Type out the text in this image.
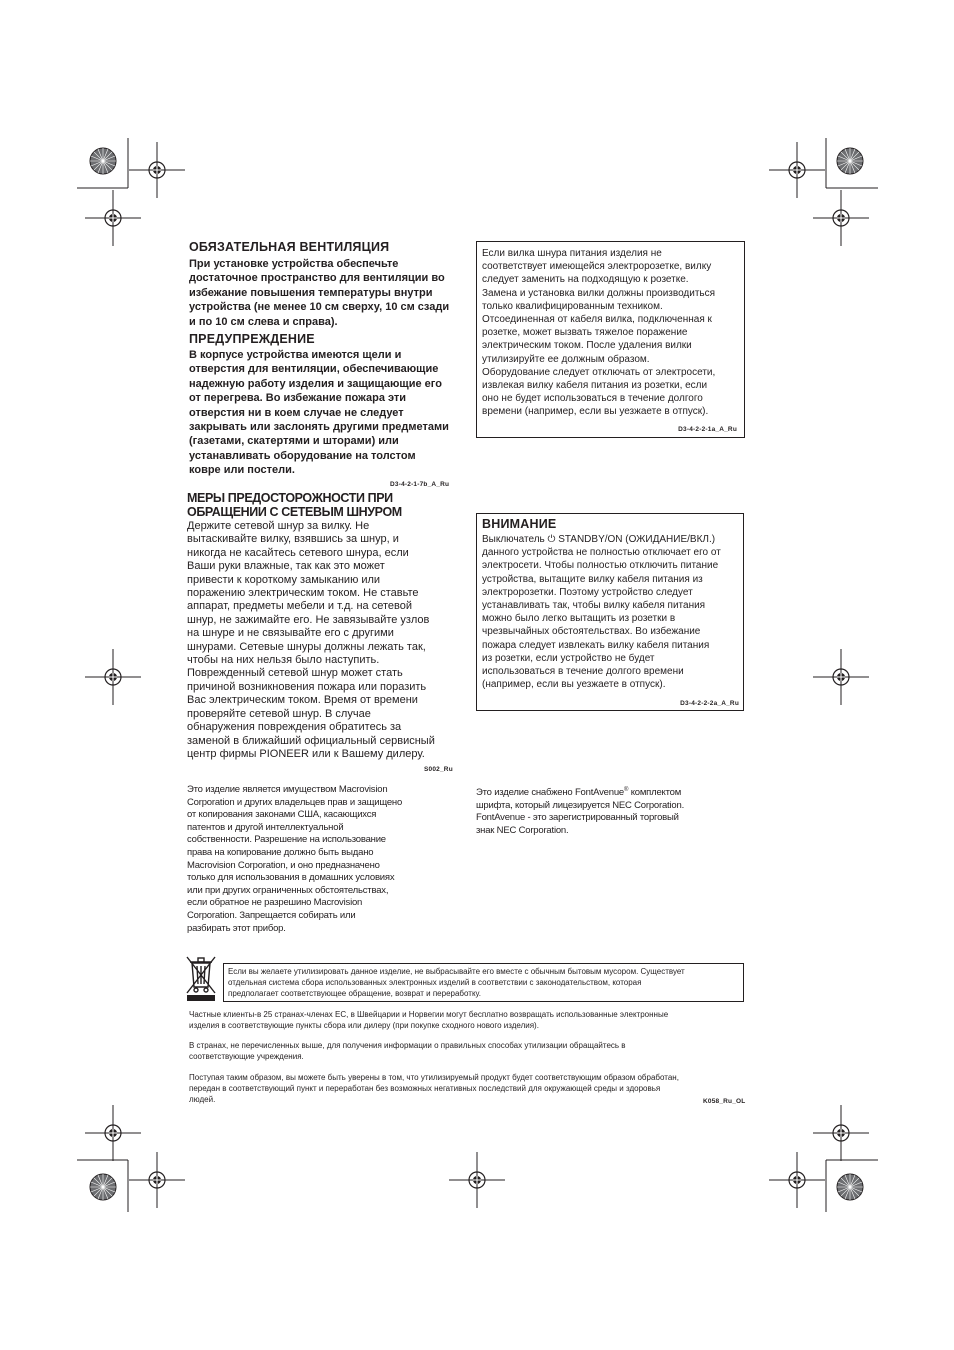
ОБЯЗАТЕЛЬНАЯ ВЕНТИЛЯЦИЯ
При установке устройства обеспечьте
достаточное пространство для вентиляции во
избежание повышения температуры внутри
устройства (не менее 10 см сверху, 10 см сзади
и по 10 см слева и справа).
ПРЕДУПРЕЖДЕНИЕ
В корпусе устройства имеются щели и
отверстия для вентиляции, обеспечивающие
надежную работу изделия и защищающие его
от перегрева. Во избежание пожара эти
отверстия ни в коем случае не следует
закрывать или заслонять другими предметами
(газетами, скатертями и шторами) или
устанавливать оборудование на толстом
ковре или постели.
D3-4-2-1-7b_A_Ru
МЕРЫ ПРЕДОСТОРОЖНОСТИ ПРИ
ОБРАЩЕНИИ С СЕТЕВЫМ ШНУРОМ
Держите сетевой шнур за вилку. Не
вытаскивайте вилку, взявшись за шнур, и
никогда не касайтесь сетевого шнура, если
Ваши руки влажные, так как это может
привести к короткому замыканию или
поражению электрическим током. Не ставьте
аппарат, предметы мебели и т.д. на сетевой
шнур, не зажимайте его. Не завязывайте узлов
на шнуре и не связывайте его с другими
шнурами. Сетевые шнуры должны лежать так,
чтобы на них нельзя было наступить.
Поврежденный сетевой шнур может стать
причиной возникновения пожара или поразить
Вас электрическим током. Время от времени
проверяйте сетевой шнур. В случае
обнаружения повреждения обратитесь за
заменой в ближайший официальный сервисный
центр фирмы PIONEER или к Вашему дилеру.
S002_Ru
Если вилка шнура питания изделия не
соответствует имеющейся электророзетке, вилку
следует заменить на подходящую к розетке.
Замена и установка вилки должны производиться
только квалифицированным техником.
Отсоединенная от кабеля вилка, подключенная к
розетке, может вызвать тяжелое поражение
электрическим током. После удаления вилки
утилизируйте ее должным образом.
Оборудование следует отключать от электросети,
извлекая вилку кабеля питания из розетки, если
оно не будет использоваться в течение долгого
времени (например, если вы уезжаете в отпуск).
D3-4-2-2-1a_A_Ru
ВНИМАНИЕ
Выключатель ⏻ STANDBY/ON (ОЖИДАНИЕ/ВКЛ.)
данного устройства не полностью отключает его от
электросети. Чтобы полностью отключить питание
устройства, вытащите вилку кабеля питания из
электророзетки. Поэтому устройство следует
устанавливать так, чтобы вилку кабеля питания
можно было легко вытащить из розетки в
чрезвычайных обстоятельствах. Во избежание
пожара следует извлекать вилку кабеля питания
из розетки, если устройство не будет
использоваться в течение долгого времени
(например, если вы уезжаете в отпуск).
D3-4-2-2-2a_A_Ru
Это изделие является имуществом Macrovision
Corporation и других владельцев прав и защищено
от копирования законами США, касающихся
патентов и другой интеллектуальной
собственности. Разрешение на использование
права на копирование должно быть выдано
Macrovision Corporation, и оно предназначено
только для использования в домашних условиях
или при других ограниченных обстоятельствах,
если обратное не разрешино Macrovision
Corporation. Запрещается собирать или
разбирать этот прибор.
Это изделие снабжено FontAvenue® комплектом
шрифта, который лицезируется NEC Corporation.
FontAvenue - это зарегистрированный торговый
знак NEC Corporation.
Если вы желаете утилизировать данное изделие, не выбрасывайте его вместе с обычным бытовым мусором. Существует
отдельная система сбора использованных электронных изделий в соответствии с законодательством, которая
предполагает соответствующее обращение, возврат и переработку.
Частные клиенты-в 25 странах-членах ЕС, в Швейцарии и Норвегии могут бесплатно возвращать использованные электронные
изделия в соответствующие пункты сбора или дилеру (при покупке сходного нового изделия).
В странах, не перечисленных выше, для получения информации о правильных способах утилизации обращайтесь в
соответствующие учреждения.
Поступая таким образом, вы можете быть уверены в том, что утилизируемый продукт будет соответствующим образом обработан,
передан в соответствующий пункт и переработан без возможных негативных последствий для окружающей среды и здоровья
людей.	K058_Ru_OL
